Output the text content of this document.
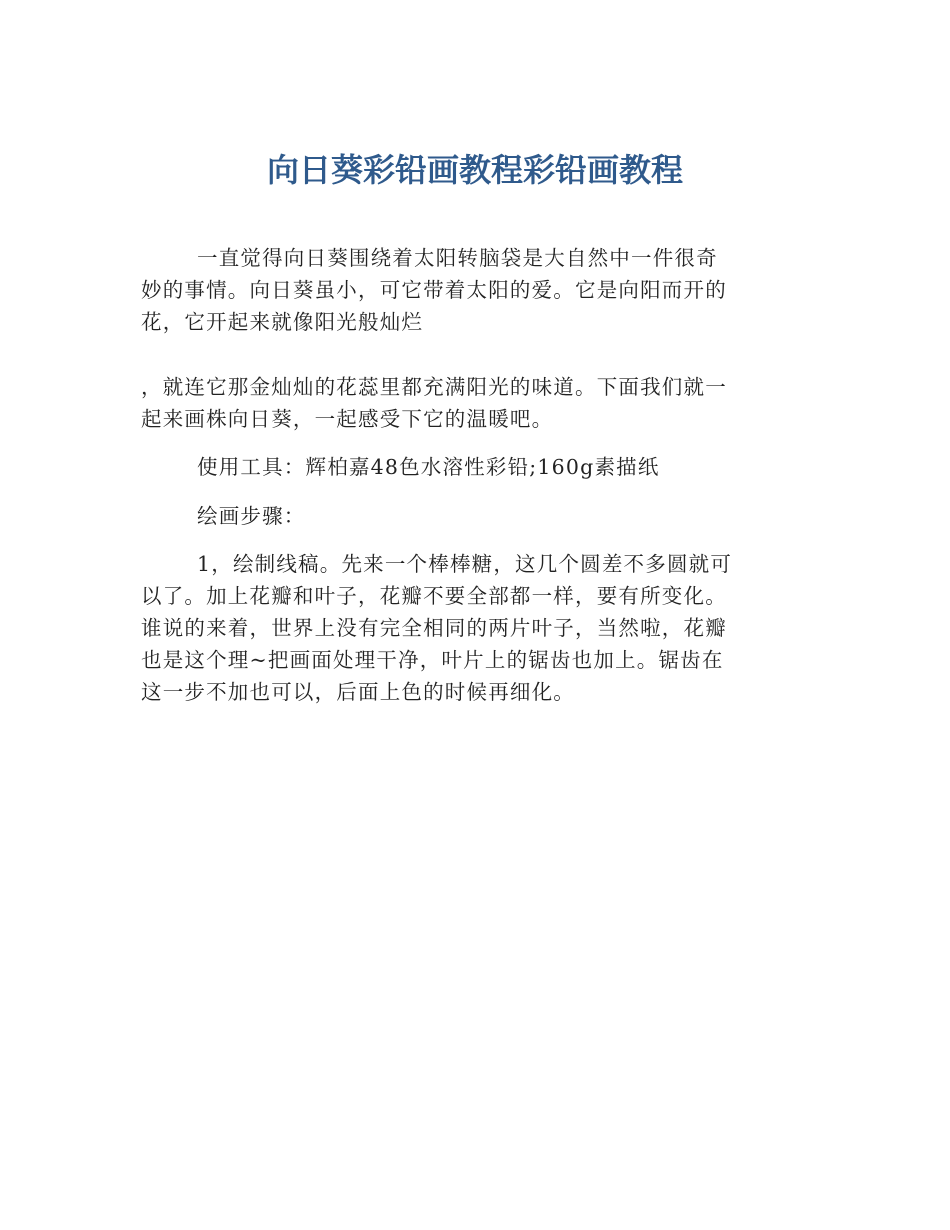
向日葵彩铅画教程彩铅画教程

一直觉得向日葵围绕着太阳转脑袋是大自然中一件很奇
妙的事情。向日葵虽小，可它带着太阳的爱。它是向阳而开的
花，它开起来就像阳光般灿烂

，就连它那金灿灿的花蕊里都充满阳光的味道。下面我们就一
起来画株向日葵，一起感受下它的温暖吧。

使用工具：辉柏嘉48色水溶性彩铅;160g素描纸

绘画步骤：

1，绘制线稿。先来一个棒棒糖，这几个圆差不多圆就可
以了。加上花瓣和叶子，花瓣不要全部都一样，要有所变化。
谁说的来着，世界上没有完全相同的两片叶子，当然啦，花瓣
也是这个理~把画面处理干净，叶片上的锯齿也加上。锯齿在
这一步不加也可以，后面上色的时候再细化。
